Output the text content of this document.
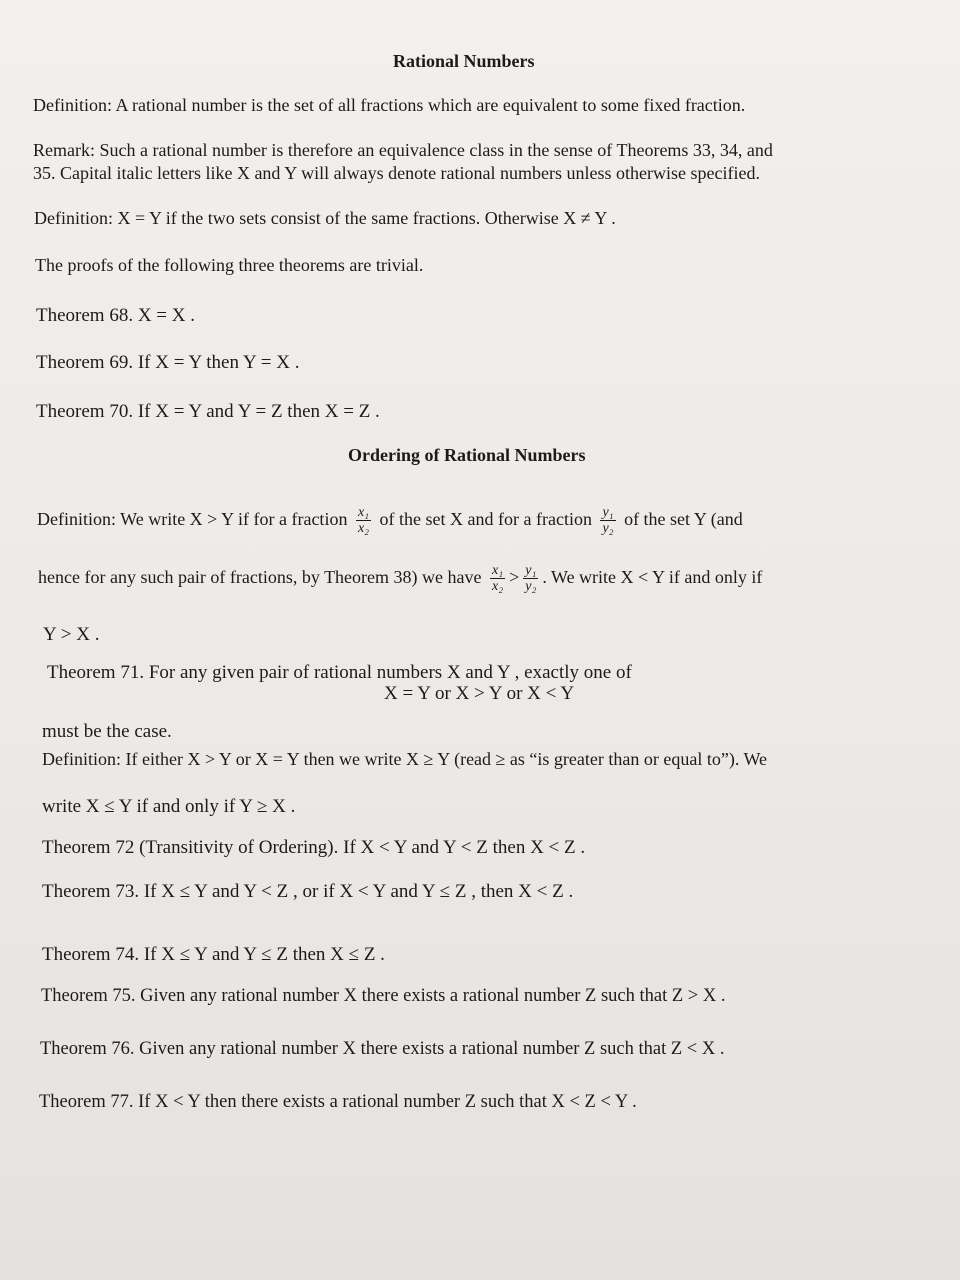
Rational Numbers
Definition: A rational number is the set of all fractions which are equivalent to some fixed fraction.
Remark: Such a rational number is therefore an equivalence class in the sense of Theorems 33, 34, and
35. Capital italic letters like X and Y will always denote rational numbers unless otherwise specified.
Definition: X = Y if the two sets consist of the same fractions. Otherwise X ≠ Y .
The proofs of the following three theorems are trivial.
Theorem 68. X = X .
Theorem 69. If X = Y then Y = X .
Theorem 70. If X = Y and Y = Z then X = Z .
Ordering of Rational Numbers
Definition: We write X > Y if for a fraction $\frac{\text{x₁}}{\text{x₂}}$ of the set X and for a fraction $\frac{\text{y₁}}{\text{y₂}}$ of the set Y (and
hence for any such pair of fractions, by Theorem 38) we have $\frac{\text{x₁}}{\text{x₂}} > \frac{\text{y₁}}{\text{y₂}}$ . We write X < Y if and only if
Y > X .
Theorem 71. For any given pair of rational numbers X and Y , exactly one of
X = Y or X > Y or X < Y
must be the case.
Definition: If either X > Y or X = Y then we write X ≥ Y (read ≥ as “is greater than or equal to”). We
write X ≤ Y if and only if Y ≥ X .
Theorem 72 (Transitivity of Ordering). If X < Y and Y < Z then X < Z .
Theorem 73. If X ≤ Y and Y < Z , or if X < Y and Y ≤ Z , then X < Z .
Theorem 74. If X ≤ Y and Y ≤ Z then X ≤ Z .
Theorem 75. Given any rational number X there exists a rational number Z such that Z > X .
Theorem 76. Given any rational number X there exists a rational number Z such that Z < X .
Theorem 77. If X < Y then there exists a rational number Z such that X < Z < Y .
